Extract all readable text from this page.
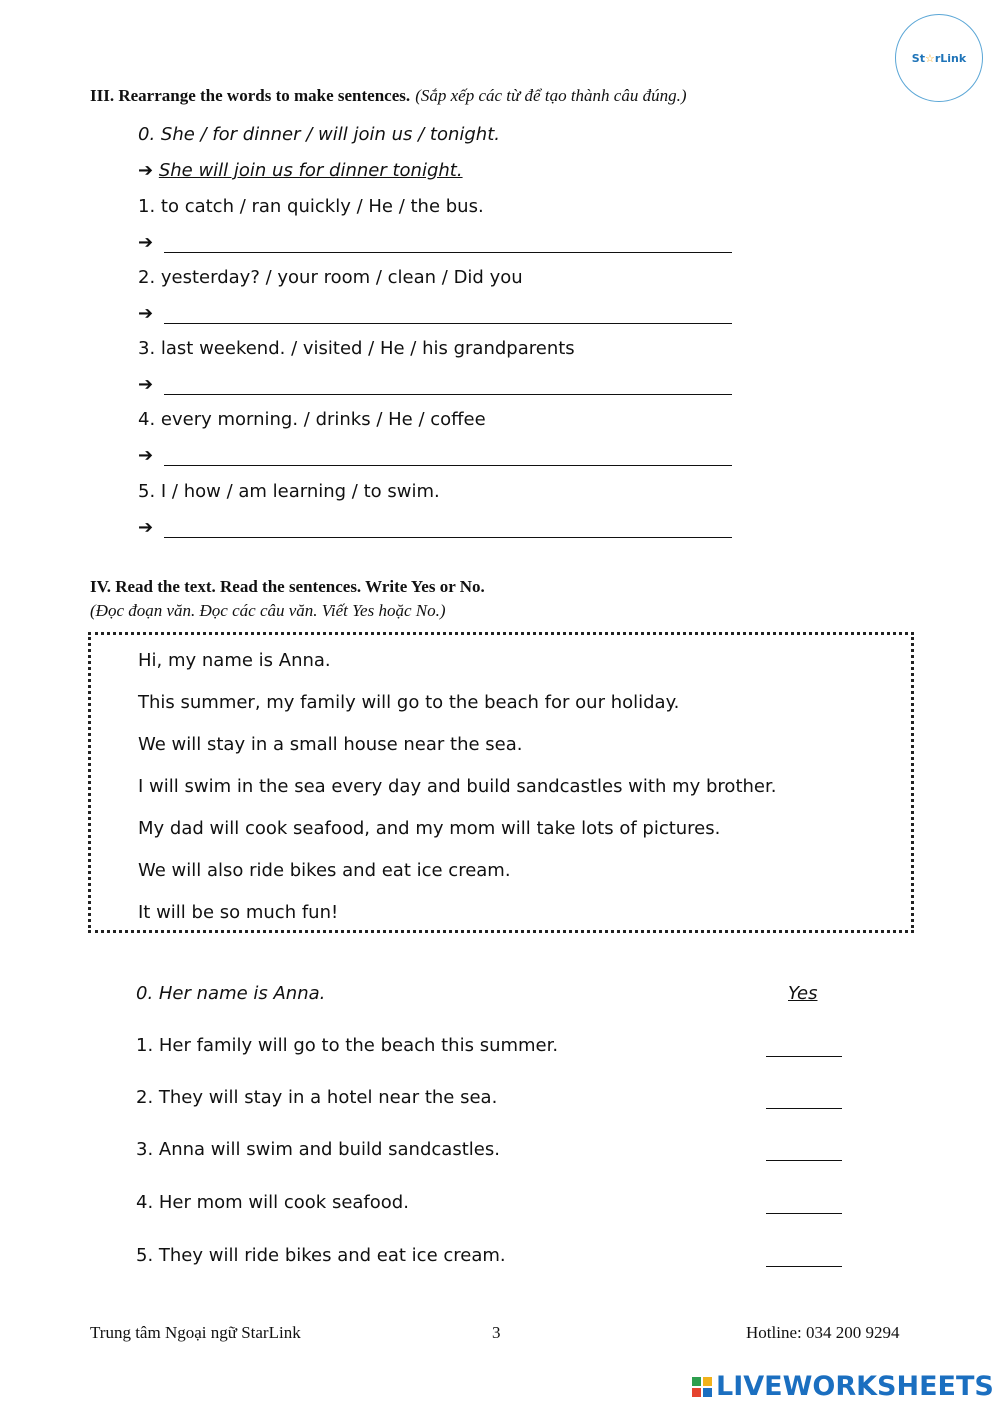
St ☆ rLink
III. Rearrange the words to make sentences. (Sắp xếp các từ để tạo thành câu đúng.)
0. She / for dinner / will join us / tonight.
➔ She will join us for dinner tonight.
1. to catch / ran quickly / He / the bus.
➔
2. yesterday? / your room / clean / Did you
➔
3. last weekend. / visited / He / his grandparents
➔
4. every morning. / drinks / He / coffee
➔
5. I / how / am learning / to swim.
➔
IV. Read the text. Read the sentences. Write Yes or No.
(Đọc đoạn văn. Đọc các câu văn. Viết Yes hoặc No.)
Hi, my name is Anna.
This summer, my family will go to the beach for our holiday.
We will stay in a small house near the sea.
I will swim in the sea every day and build sandcastles with my brother.
My dad will cook seafood, and my mom will take lots of pictures.
We will also ride bikes and eat ice cream.
It will be so much fun!
0. Her name is Anna.	Yes
1. Her family will go to the beach this summer.
2. They will stay in a hotel near the sea.
3. Anna will swim and build sandcastles.
4. Her mom will cook seafood.
5. They will ride bikes and eat ice cream.
Trung tâm Ngoại ngữ StarLink	3	Hotline: 034 200 9294
LIVEWORKSHEETS
